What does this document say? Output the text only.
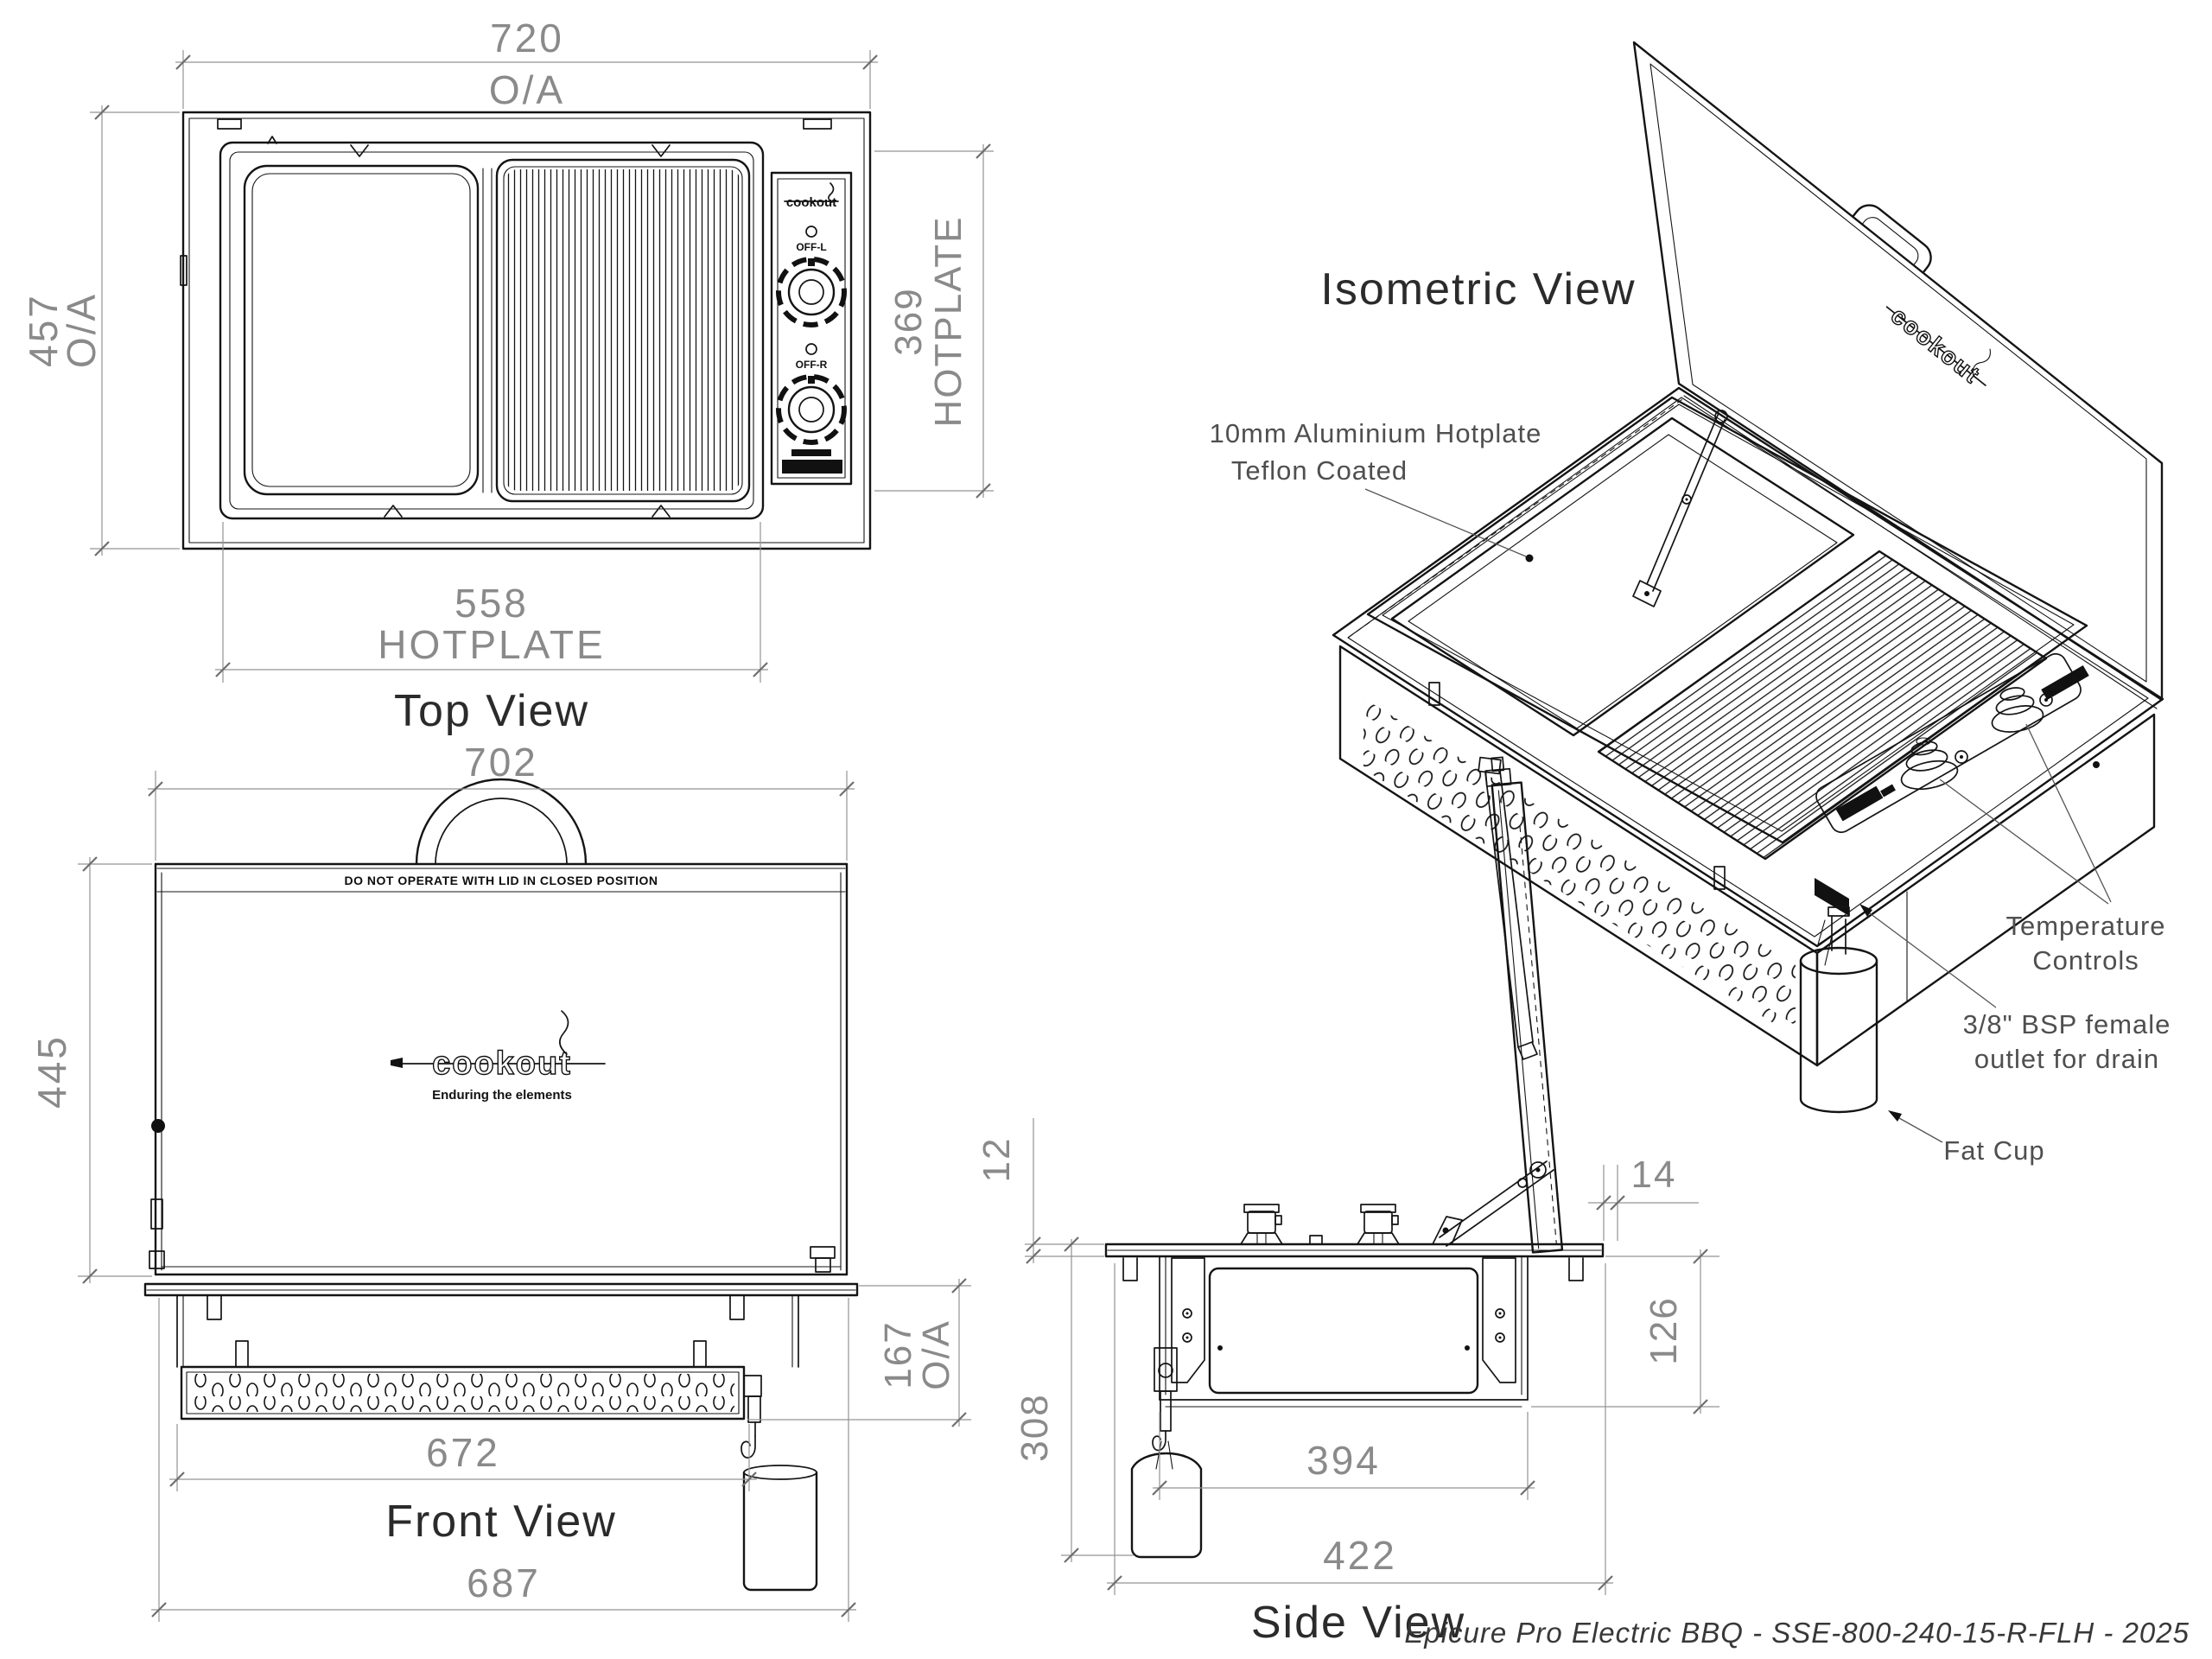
cookout
OFF-L
OFF-R
720
O/A
457
O/A	369
HOTPLATE
558
HOTPLATE
Top View
DO NOT OPERATE WITH LID IN CLOSED POSITION
cookout
Enduring the elements
702
445
167
O/A
672
Front View
687
12	14
126
308	394
422
Side View
cookout
Isometric View
10mm Aluminium Hotplate
Teflon Coated
Temperature
Controls
3/8" BSP female
outlet for drain
Fat Cup
Epicure Pro Electric BBQ - SSE-800-240-15-R-FLH - 2025
